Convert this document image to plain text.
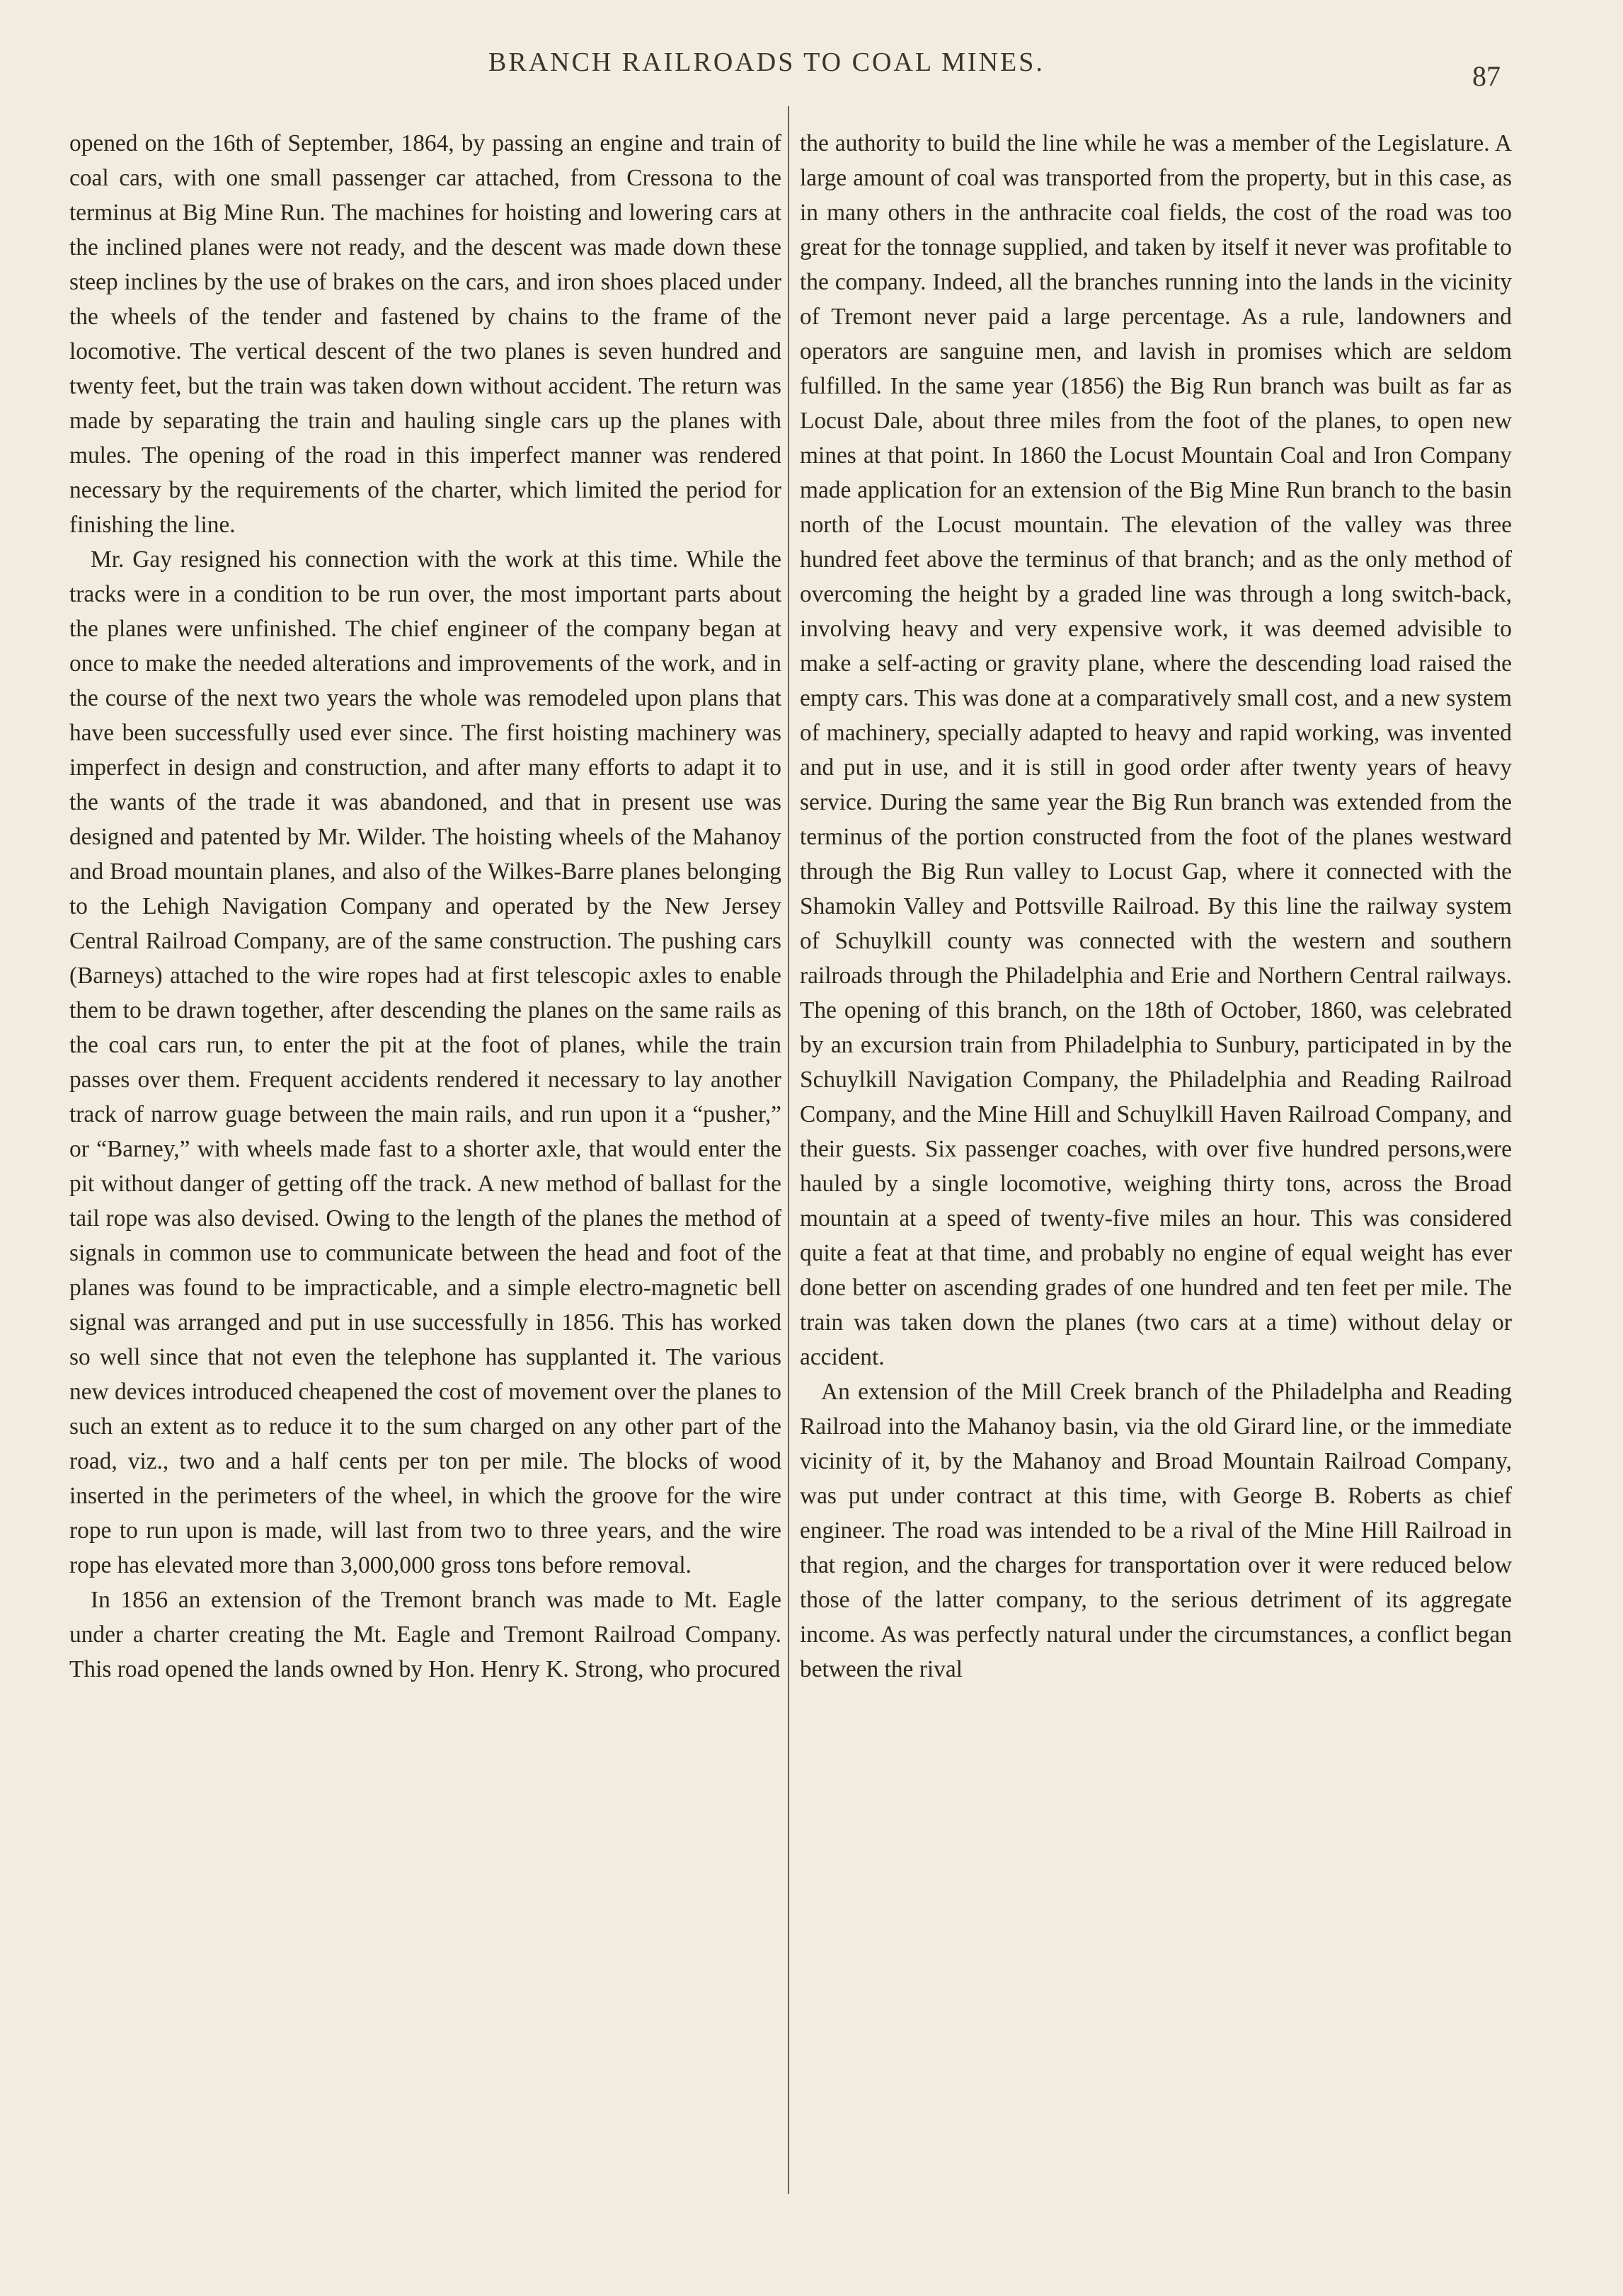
BRANCH RAILROADS TO COAL MINES.	87

opened on the 16th of September, 1864, by passing an engine and train of coal cars, with one small passenger car attached, from Cressona to the terminus at Big Mine Run. The machines for hoisting and lowering cars at the inclined planes were not ready, and the descent was made down these steep inclines by the use of brakes on the cars, and iron shoes placed under the wheels of the tender and fastened by chains to the frame of the locomotive. The vertical descent of the two planes is seven hundred and twenty feet, but the train was taken down without accident. The return was made by separating the train and hauling single cars up the planes with mules. The opening of the road in this imperfect manner was rendered necessary by the requirements of the charter, which limited the period for finishing the line.

Mr. Gay resigned his connection with the work at this time. While the tracks were in a condition to be run over, the most important parts about the planes were unfinished. The chief engineer of the company began at once to make the needed alterations and improvements of the work, and in the course of the next two years the whole was remodeled upon plans that have been successfully used ever since. The first hoisting machinery was imperfect in design and construction, and after many efforts to adapt it to the wants of the trade it was abandoned, and that in present use was designed and patented by Mr. Wilder. The hoisting wheels of the Mahanoy and Broad mountain planes, and also of the Wilkes-Barre planes belonging to the Lehigh Navigation Company and operated by the New Jersey Central Railroad Company, are of the same construction. The pushing cars (Barneys) attached to the wire ropes had at first telescopic axles to enable them to be drawn together, after descending the planes on the same rails as the coal cars run, to enter the pit at the foot of planes, while the train passes over them. Frequent accidents rendered it necessary to lay another track of narrow guage between the main rails, and run upon it a “pusher,” or “Barney,” with wheels made fast to a shorter axle, that would enter the pit without danger of getting off the track. A new method of ballast for the tail rope was also devised. Owing to the length of the planes the method of signals in common use to communicate between the head and foot of the planes was found to be impracticable, and a simple electro-magnetic bell signal was arranged and put in use successfully in 1856. This has worked so well since that not even the telephone has supplanted it. The various new devices introduced cheapened the cost of movement over the planes to such an extent as to reduce it to the sum charged on any other part of the road, viz., two and a half cents per ton per mile. The blocks of wood inserted in the perimeters of the wheel, in which the groove for the wire rope to run upon is made, will last from two to three years, and the wire rope has elevated more than 3,000,000 gross tons before removal.

In 1856 an extension of the Tremont branch was made to Mt. Eagle under a charter creating the Mt. Eagle and Tremont Railroad Company. This road opened the lands owned by Hon. Henry K. Strong, who procured

the authority to build the line while he was a member of the Legislature. A large amount of coal was transported from the property, but in this case, as in many others in the anthracite coal fields, the cost of the road was too great for the tonnage supplied, and taken by itself it never was profitable to the company. Indeed, all the branches running into the lands in the vicinity of Tremont never paid a large percentage. As a rule, landowners and operators are sanguine men, and lavish in promises which are seldom fulfilled. In the same year (1856) the Big Run branch was built as far as Locust Dale, about three miles from the foot of the planes, to open new mines at that point. In 1860 the Locust Mountain Coal and Iron Company made application for an extension of the Big Mine Run branch to the basin north of the Locust mountain. The elevation of the valley was three hundred feet above the terminus of that branch; and as the only method of overcoming the height by a graded line was through a long switch-back, involving heavy and very expensive work, it was deemed advisible to make a self-acting or gravity plane, where the descending load raised the empty cars. This was done at a comparatively small cost, and a new system of machinery, specially adapted to heavy and rapid working, was invented and put in use, and it is still in good order after twenty years of heavy service. During the same year the Big Run branch was extended from the terminus of the portion constructed from the foot of the planes westward through the Big Run valley to Locust Gap, where it connected with the Shamokin Valley and Pottsville Railroad. By this line the railway system of Schuylkill county was connected with the western and southern railroads through the Philadelphia and Erie and Northern Central railways. The opening of this branch, on the 18th of October, 1860, was celebrated by an excursion train from Philadelphia to Sunbury, participated in by the Schuylkill Navigation Company, the Philadelphia and Reading Railroad Company, and the Mine Hill and Schuylkill Haven Railroad Company, and their guests. Six passenger coaches, with over five hundred persons,were hauled by a single locomotive, weighing thirty tons, across the Broad mountain at a speed of twenty-five miles an hour. This was considered quite a feat at that time, and probably no engine of equal weight has ever done better on ascending grades of one hundred and ten feet per mile. The train was taken down the planes (two cars at a time) without delay or accident.

An extension of the Mill Creek branch of the Philadelpha and Reading Railroad into the Mahanoy basin, via the old Girard line, or the immediate vicinity of it, by the Mahanoy and Broad Mountain Railroad Company, was put under contract at this time, with George B. Roberts as chief engineer. The road was intended to be a rival of the Mine Hill Railroad in that region, and the charges for transportation over it were reduced below those of the latter company, to the serious detriment of its aggregate income. As was perfectly natural under the circumstances, a conflict began between the rival
